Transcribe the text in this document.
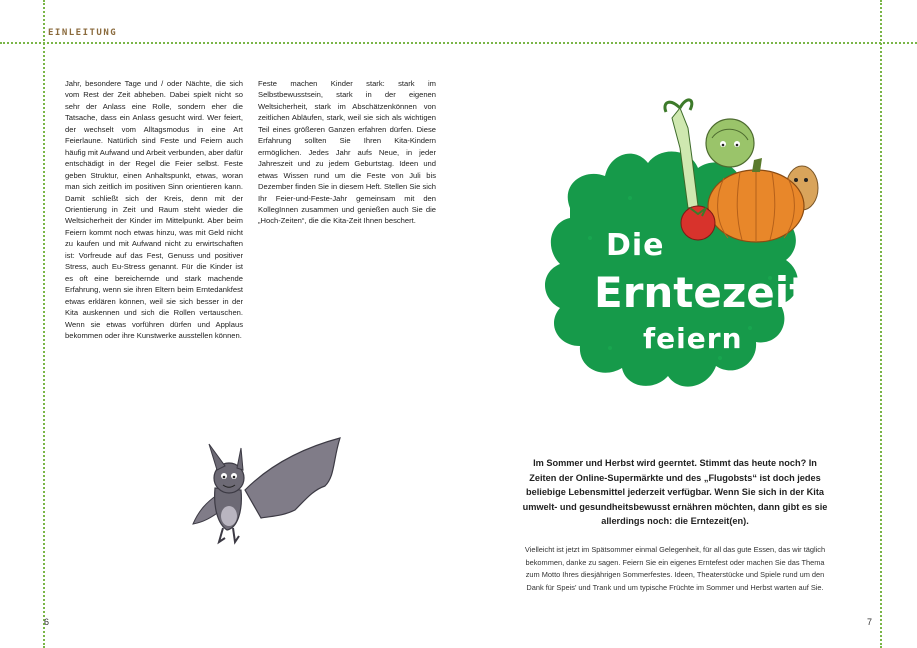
EINLEITUNG

Jahr, besondere Tage und / oder Nächte, die sich vom Rest der Zeit abheben. Dabei spielt nicht so sehr der Anlass eine Rolle, sondern eher die Tatsache, dass ein Anlass gesucht wird. Wer feiert, der wechselt vom Alltagsmodus in eine Art Feierlaune. Natürlich sind Feste und Feiern auch häufig mit Aufwand und Arbeit verbunden, aber dafür entschädigt in der Regel die Feier selbst. Feste geben Struktur, einen Anhaltspunkt, etwas, woran man sich zeitlich im positiven Sinn orientieren kann. Damit schließt sich der Kreis, denn mit der Orientierung in Zeit und Raum steht wieder die Weltsicherheit der Kinder im Mittelpunkt. Aber beim Feiern kommt noch etwas hinzu, was mit Geld nicht zu kaufen und mit Aufwand nicht zu erwirtschaften ist: Vorfreude auf das Fest, Genuss und positiver Stress, auch Eu-Stress genannt. Für die Kinder ist es oft eine bereichernde und stark machende Erfahrung, wenn sie ihren Eltern beim Erntedankfest etwas erklären können, weil sie sich besser in der Kita auskennen und sich die Rollen vertauschen. Wenn sie etwas vorführen dürfen und Applaus bekommen oder ihre Kunstwerke ausstellen können.

Feste machen Kinder stark: stark im Selbstbewusstsein, stark in der eigenen Weltsicherheit, stark im Abschätzenkönnen von zeitlichen Abläufen, stark, weil sie sich als wichtigen Teil eines größeren Ganzen erfahren dürfen. Diese Erfahrung sollten Sie Ihren Kita-Kindern ermöglichen. Jedes Jahr aufs Neue, in jeder Jahreszeit und zu jedem Geburtstag. Ideen und etwas Wissen rund um die Feste von Juli bis Dezember finden Sie in diesem Heft. Stellen Sie sich Ihr Feier-und-Feste-Jahr gemeinsam mit den KollegInnen zusammen und genießen auch Sie die „Hoch-Zeiten“, die die Kita-Zeit Ihnen beschert.

Die
Erntezeit
feiern
Im Sommer und Herbst wird geerntet. Stimmt das heute noch? In Zeiten der Online-Supermärkte und des „Flugobsts“ ist doch jedes beliebige Lebensmittel jederzeit verfügbar. Wenn Sie sich in der Kita umwelt- und gesundheitsbewusst ernähren möchten, dann gibt es sie allerdings noch: die Erntezeit(en).
Vielleicht ist jetzt im Spätsommer einmal Gelegenheit, für all das gute Essen, das wir täglich bekommen, danke zu sagen. Feiern Sie ein eigenes Erntefest oder machen Sie das Thema zum Motto Ihres diesjährigen Sommerfestes. Ideen, Theaterstücke und Spiele rund um den Dank für Speis’ und Trank und um typische Früchte im Sommer und Herbst warten auf Sie.
6	7
